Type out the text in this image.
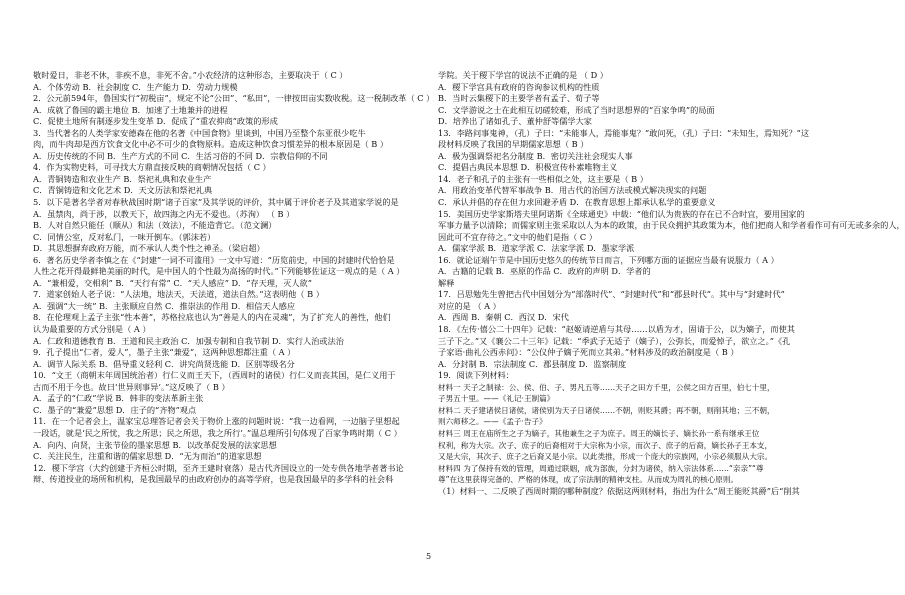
敬时爱日，非老不休，非疾不息，非死不舍。”小农经济的这种形态，主要取决于（ C ）
A．个体劳动 B．社会制度 C．生产能力 D．劳动力规模
2．公元前594年，鲁国实行“初税亩”，规定不论“公田”、“私田”，一律按田亩实数收税。这一税制改革（ C ）
A．成就了鲁国的霸主地位 B．加速了土地兼并的进程
C．促使土地所有制逐步发生变革 D．促成了“重农抑商”政策的形成
3．当代著名的人类学家安德森在他的名著《中国食物》里谈到，中国乃至整个东亚很少吃牛
肉，而牛肉却是西方饮食文化中必不可少的食物原料。造成这种饮食习惯差异的根本原因是（ B ）
A．历史传统的不同 B．生产方式的不同 C．生活习俗的不同 D．宗教信仰的不同
4．作为实物史料，可寻找大方鼎直接反映的商朝情况包括（ C ）
A．青铜铸造和农业生产 B．祭祀礼典和农业生产
C．青铜铸造和文化艺术 D．天文历法和祭祀礼典
5．以下是著名学者对春秋战国时期“诸子百家”及其学说的评价，其中属于评价老子及其道家学说的是
A．虽禁肉，尚于涉，以教天下，故四海之内无不爱也。（苏洵） （ B ）
B．人对自然只能任（顺从）和法（效法），不能造背它。（范文澜）
C．同情公室，反对私门，一味开倒车。（郭沫若）
D．其思想摒弃政府万能，而不承认人类个性之神圣。（梁启超）
6．著名历史学者李慎之在《“封建”一词不可滥用》一文中写道：“历览前史，中国的封建时代恰恰是
人性之花开得最鲜艳美丽的时代，是中国人的个性最为高扬的时代。”下列能够佐证这一观点的是（ A ）
A．“兼相爱，交相利” B．“天行有常” C．“天人感应” D．“存天理，灭人欲”
7．道家创始人老子说：“人法地，地法天，天法道，道法自然。”这表明他（ B ）
A．强调“大一统” B．主张顺应自然 C．推崇法的作用 D．相信天人感应
8．在伦理观上孟子主张“性本善”，苏格拉底也认为“善是人的内在灵魂”，为了扩充人的善性，他们
认为最重要的方式分别是（ A ）
A．仁政和道德教育 B．王道和民主政治 C．加强专制和自我节制 D．实行人治或法治
9．孔子提出“仁者，爱人”，墨子主张“兼爱”，这两种思想都注重（ A ）
A．调节人际关系 B．倡导重义轻利 C．讲究尚贤选能 D．区别等级名分
10．“文王（商朝末年周国统治者）行仁义而王天下，（西周时的诸侯）行仁义而丧其国，是仁义用于
古而不用于今也。故曰‘世异则事异’。”这反映了（ B ）
A．孟子的“仁政”学说 B．韩非的变法革新主张
C．墨子的“兼爱”思想 D．庄子的“齐物”观点
11．在一个记者会上，温家宝总理答记者会关于物价上涨的问题时说：“我一边看网，一边脑子里想起
一段话，就是‘民之所忧，我之所思；民之所思，我之所行’。”温总理所引句体现了百家争鸣时期（ C ）
A．向内、向贤，主张节俭的墨家思想 B．以改革促发展的法家思想
C．关注民生，注重和谐的儒家思想 D．“无为而治”的道家思想
12．稷下学宫（大约创建于齐桓公时期，至齐王建时衰落）是古代齐国设立的一处专供各地学者著书论
辩、传道授业的场所和机构，是我国最早的由政府创办的高等学府，也是我国最早的多学科的社会科
学院。关于稷下学宫的说法不正确的是 （ D ）
A．稷下学宫具有政府的咨询参议机构的性质
B．当时云集稷下的主要学者有孟子、荀子等
C．文学游说之士在此相互切磋较难，形成了当时思想界的“百家争鸣”的局面
D．培养出了诸如孔子、董仲舒等儒学大家
13．李路问事鬼神，（孔）子曰：“未能事人，焉能事鬼？”敢问死，（孔）子曰：“未知生，焉知死？”这
段材料反映了我国的早期儒家思想（ B ）
A．极为强调祭祀名分制度 B．密切关注社会现实人事
C．提倡古典民本思想 D．积极宣传朴素唯物主义
14．老子和孔子的主张有一些相似之处，这主要是（ B ）
A．用政治变革代替军事战争 B．用古代的治国方法或模式解决现实的问题
C．承认并倡的存在但力求回避矛盾 D．在教育思想上都承认私学的重要意义
15．美国历史学家斯塔夫里阿诺斯《全球通史》中载：“他们认为贵族的存在已不合时宜，要用国家的
军事力量予以清除；而儒家则主张采取以人为本的政策，由于民众拥护其政策为本，他们把商人和学者看作可有可无或多余的人，
因此可不宜存待之。”文中的他们是指（ C ）
A．儒家学派 B．道家学派 C．法家学派 D．墨家学派
16．就论证端午节是中国历史悠久的传统节日而言，下列哪方面的证据应当最有说服力（ A ）
A．古籍的记载 B．巫原的作品 C．政府的声明 D．学者的
解释
17．吕思勉先生曾把古代中国划分为“部落时代”、“封建时代”和“郡县时代”。其中与“封建时代”
对应的是 （ A ）
A．西周 B．秦朝 C．西汉 D．宋代
18．《左传·僖公二十四年》记载：“赵姬请逆盾与其母……以盾为才，固请于公，以为嫡子，而使其
三子下之。”又《襄公二十三年》记载：“季武子无适子（嫡子），公弥长，而爱悼子，欲立之。”《孔
子家语·曲礼公西赤问》：“公仪仲子嫡子死而立其弟。”材料涉及的政治制度是（ B ）
A．分封制 B．宗法制度 C．郡县制度 D．监察制度
19．阅读下列材料：
材料一 天子之制禄：公、侯、伯、子、男凡五等……天子之田方千里，公侯之田方百里，伯七十里，
子男五十里。——《礼记·王制篇》
材料二 天子建诸侯日诸侯，诸侯别为天子日诸侯……不朝，则贬其爵；再不朝，则削其地；三不朝，
则六师移之。——《孟子·告子》
材料三 周王在庙所生之子为嫡子，其他兼生之子为庶子。周王的嫡长子、嫡长孙一系有继承王位
权利，称为大宗。次子、庶子的后裔相对于大宗称为小宗，而次子、庶子的后裔，嫡长孙子王本支，
又是大宗，其次子、庶子之后裔又是小宗。以此类推，形成一个庞大的宗族网，小宗必须服从大宗。
材料四 为了保持有效的管理，周通过联姻，成为部族，分封为诸侯，纳入宗法体系……“亲亲”“尊
尊”在这里获得完备的、严格的体现，成了宗法制的精神支柱。从而成为周礼的核心原则。
（1）材料一、二反映了西周时期的哪种制度？依据这两则材料，指出为什么“周王能贬其爵”后“削其
5
